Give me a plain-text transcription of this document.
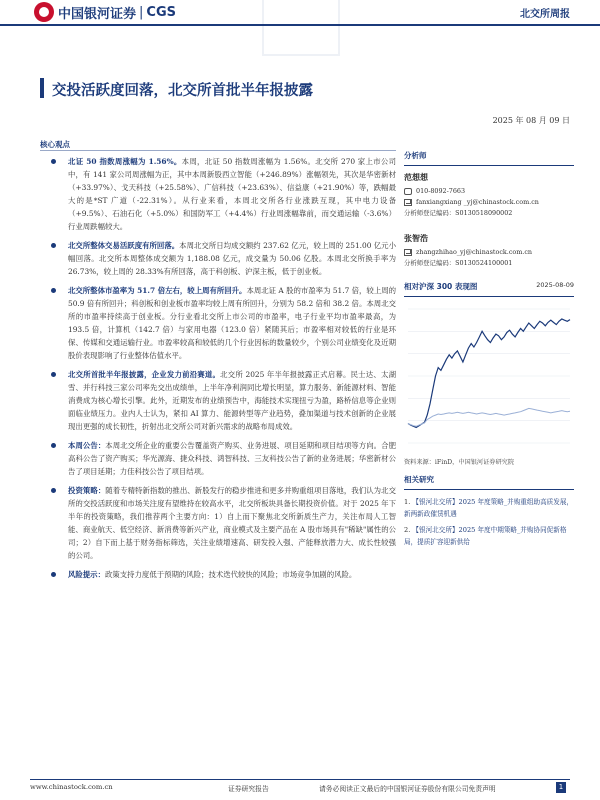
中国银河证券 | CGS	北交所周报
交投活跃度回落，北交所首批半年报披露
2025 年 08 月 09 日
核心观点
北证 50 指数周涨幅为 1.56%。本周，北证 50 指数周涨幅为 1.56%。北交所 270 家上市公司中，有 141 家公司周涨幅为正，其中本周新股西立智能（+246.89%）涨幅领先，其次是华密新材（+33.97%）、戈天科技（+25.58%）、广信科技（+23.63%）、信益康（+21.90%）等，跌幅最大的是*ST 广道（-22.31%）。从行业来看，本周北交所各行业涨跌互现，其中电力设备（+9.5%）、石油石化（+5.0%）和国防军工（+4.4%）行业周涨幅靠前，而交通运输（-3.6%）行业周跌幅较大。
北交所整体交易活跃度有所回落。本周北交所日均成交额约 237.62 亿元，较上周的 251.00 亿元小幅回落。北交所本周整体成交额为 1,188.08 亿元，成交量为 50.06 亿股。本周北交所换手率为 26.73%，较上周的 28.33%有所回落，高于科创板、沪深主板，低于创业板。
北交所整体市盈率为 51.7 倍左右，较上周有所回升。本周北证 A 股的市盈率为 51.7 倍，较上周的 50.9 倍有所回升；科创板和创业板市盈率均较上周有所回升，分别为 58.2 倍和 38.2 倍。本周北交所的市盈率持续高于创业板。分行业看北交所上市公司的市盈率，电子行业平均市盈率最高，为 193.5 倍，计算机（142.7 倍）与家用电器（123.0 倍）紧随其后；市盈率相对较低的行业是环保、传媒和交通运输行业。市盈率较高和较低的几个行业因标的数量较少，个别公司业绩变化及近期股价表现影响了行业整体估值水平。
北交所首批半年报披露，企业发力前沿赛道。北交所 2025 年半年报披露正式启幕。民士达、太湖雪、并行科技三家公司率先交出成绩单，上半年净利润同比增长明显，算力服务、新能源材料、智能消费成为核心增长引擎。此外，近期发布的业绩预告中，海能技术实现扭亏为盈，路桥信息等企业则面临业绩压力。业内人士认为，紧扣 AI 算力、能源转型等产业趋势，叠加渠道与技术创新的企业展现出更强的成长韧性，折射出北交所公司对新兴需求的战略布局成效。
本周公告：本周北交所企业的重要公告覆盖资产购买、业务进展、项目延期和项目结项等方向。合肥高科公告了资产购买；华光源海、捷众科技、鸿智科技、三友科技公告了新的业务进展；华密新材公告了项目延期；力佳科技公告了项目结项。
投资策略：随着专精特新指数的推出、新股发行的稳步推进和更多并购重组项目落地，我们认为北交所的交投活跃度和市场关注度有望维持在较高水平，北交所板块具备长期投资价值。对于 2025 年下半年的投资策略，我们推荐两个主要方向：1）自上而下聚焦北交所新质生产力，关注布局人工智能、商业航天、低空经济、新消费等新兴产业，商业模式及主要产品在 A 股市场具有"稀缺"属性的公司；2）自下而上基于财务指标筛选，关注业绩增速高、研发投入强、产能释放潜力大、成长性较强的公司。
风险提示：政策支持力度低于预期的风险；技术迭代较快的风险；市场竞争加剧的风险。
分析师
范想想
010-8092-7663
fanxiangxiang _yj@chinastock.com.cn
分析师登记编码：S0130518090002
张智浩
zhangzhihao_yj@chinastock.com.cn
分析师登记编码：S0130524100001
相对沪深 300 表现图	2025-08-09
资料来源：iFinD，中国银河证券研究院
相关研究
1. 【银河北交所】2025 年度策略_并购重组助高质发展，新两新政催赁机遇
2. 【银河北交所】2025 年度中期策略_并购协同促新格局，提质扩容迎新供给
www.chinastock.com.cn	证券研究报告	请务必阅读正文最后的中国银河证券股份有限公司免责声明	1
